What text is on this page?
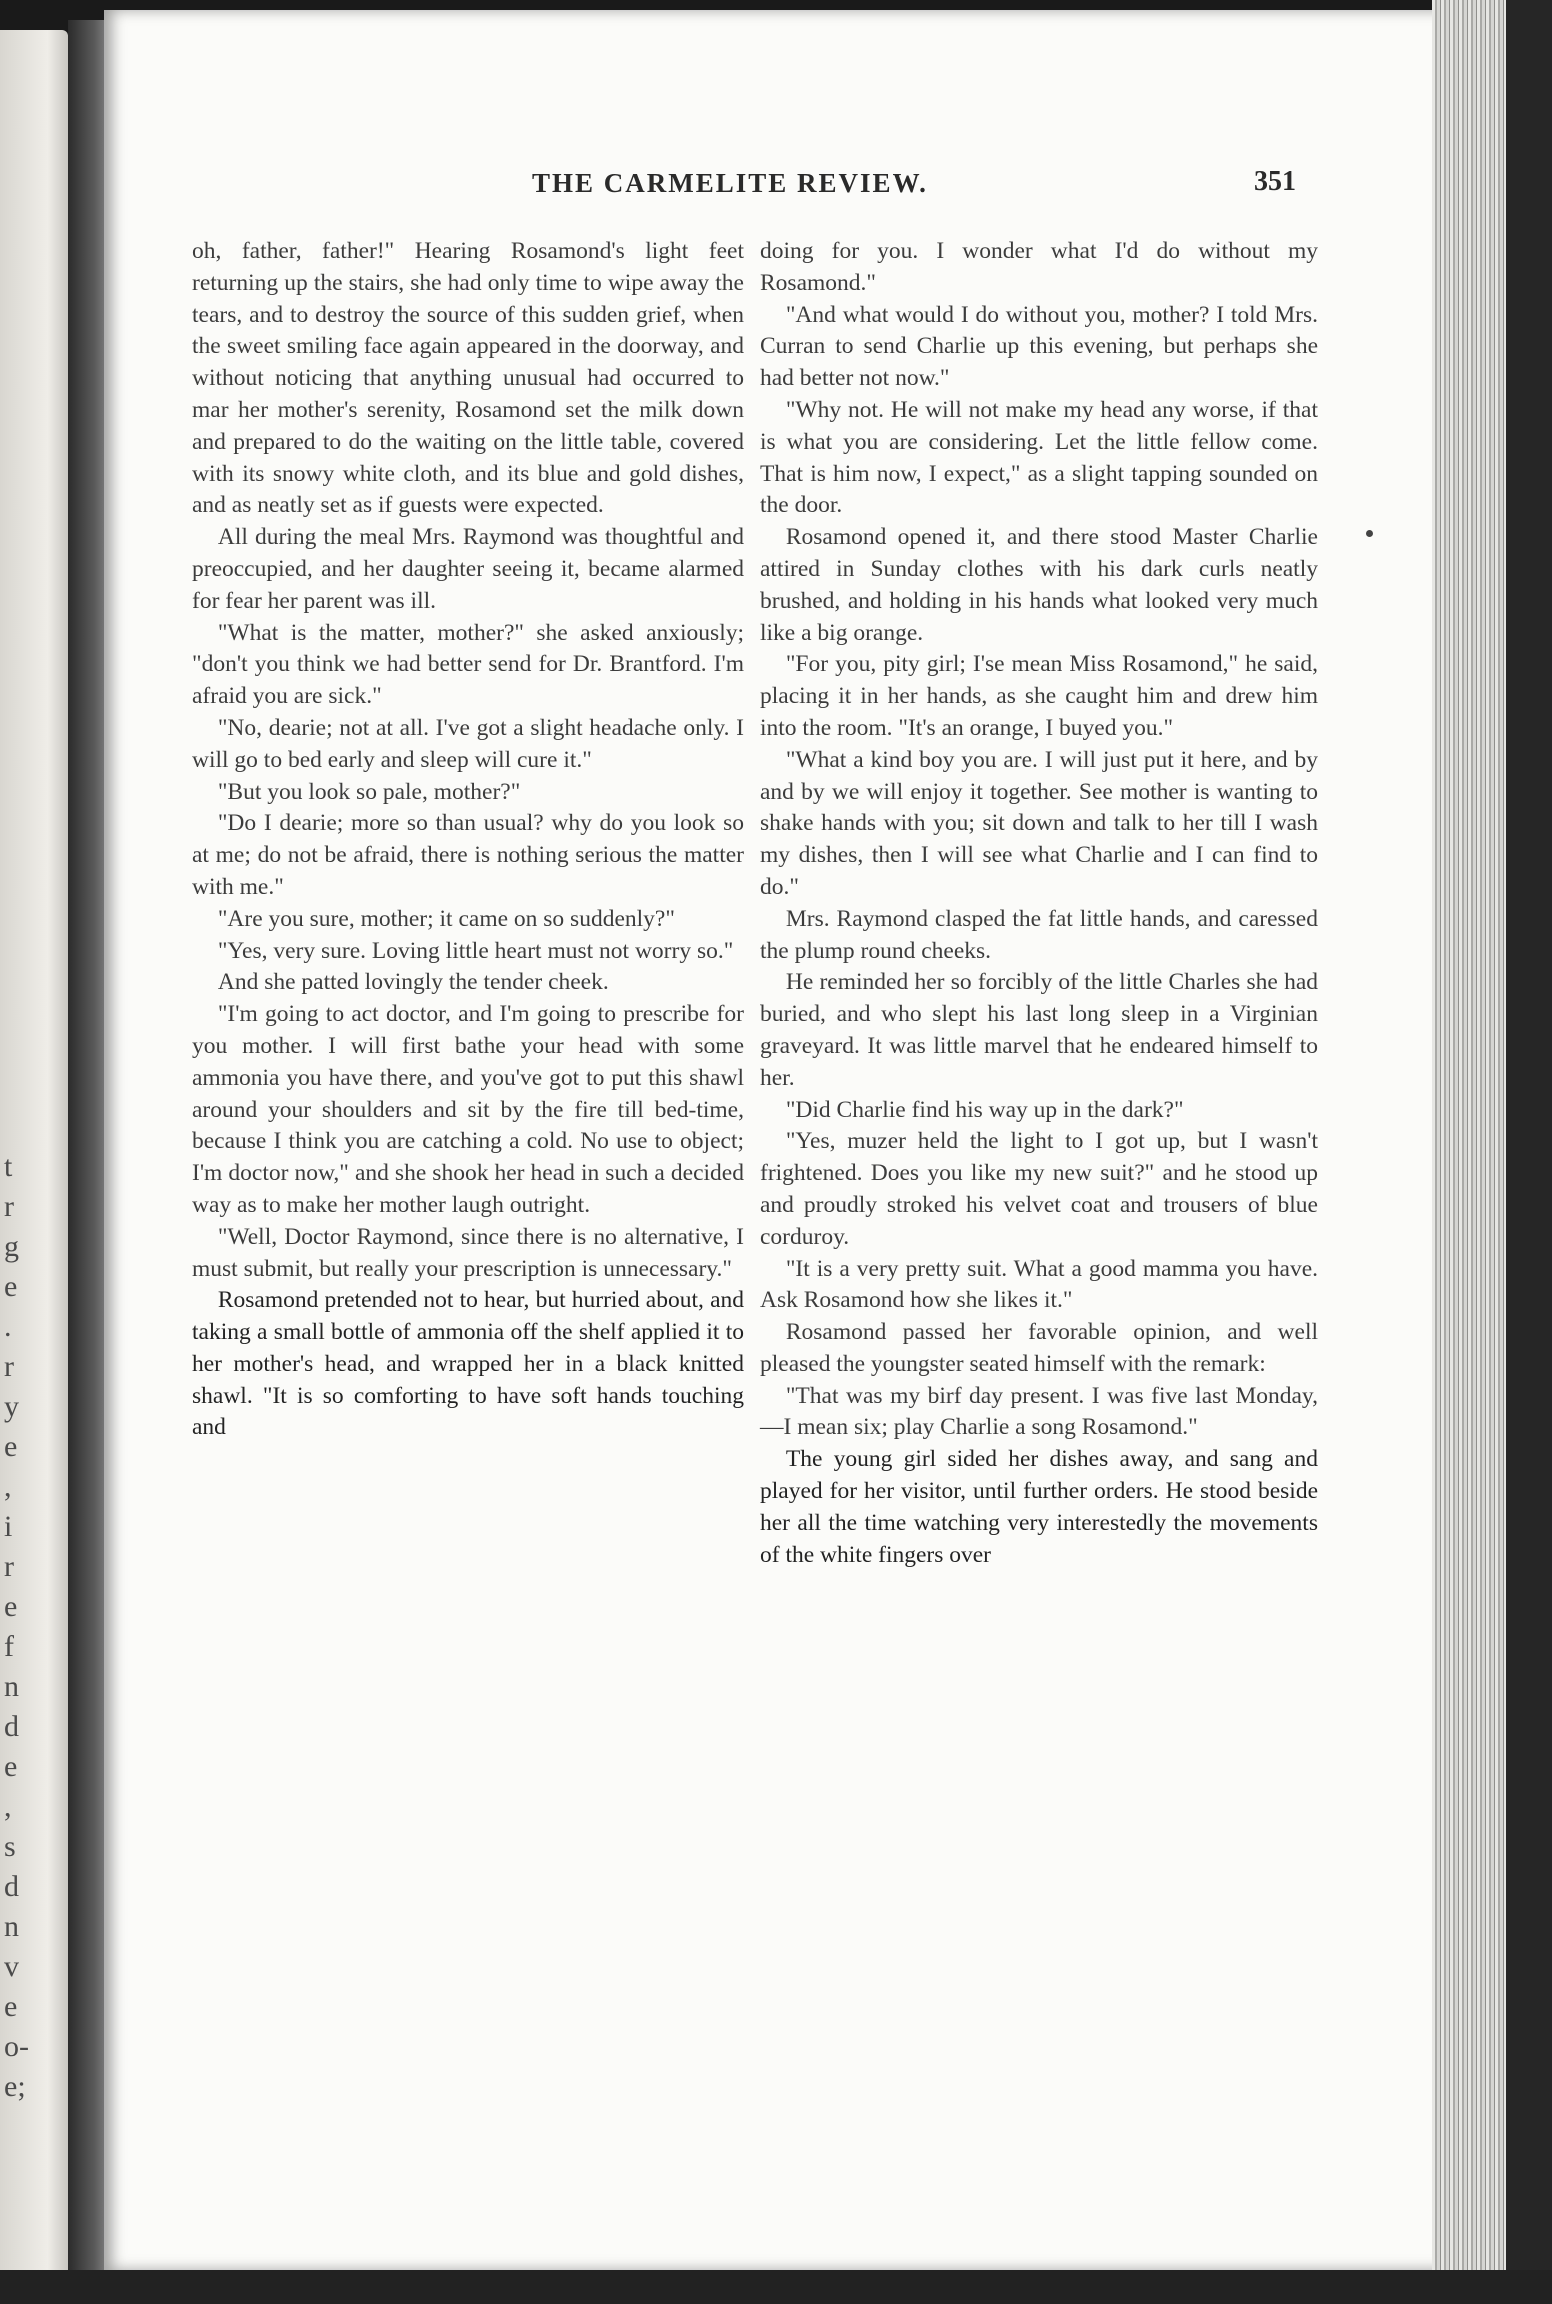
t
r
g
e
.
r
y
e
,
i
r
e
f
n
d
e
,
s
d
n
v
e
o-
e;
THE CARMELITE REVIEW.	351

oh, father, father!" Hearing Rosamond's light feet returning up the stairs, she had only time to wipe away the tears, and to destroy the source of this sudden grief, when the sweet smiling face again appeared in the doorway, and without noticing that anything unusual had occurred to mar her mother's serenity, Rosamond set the milk down and prepared to do the waiting on the little table, covered with its snowy white cloth, and its blue and gold dishes, and as neatly set as if guests were expected.

All during the meal Mrs. Raymond was thoughtful and preoccupied, and her daughter seeing it, became alarmed for fear her parent was ill.

"What is the matter, mother?" she asked anxiously; "don't you think we had better send for Dr. Brantford. I'm afraid you are sick."

"No, dearie; not at all. I've got a slight headache only. I will go to bed early and sleep will cure it."

"But you look so pale, mother?"

"Do I dearie; more so than usual? why do you look so at me; do not be afraid, there is nothing serious the matter with me."

"Are you sure, mother; it came on so suddenly?"

"Yes, very sure. Loving little heart must not worry so."

And she patted lovingly the tender cheek.

"I'm going to act doctor, and I'm going to prescribe for you mother. I will first bathe your head with some ammonia you have there, and you've got to put this shawl around your shoulders and sit by the fire till bed-time, because I think you are catching a cold. No use to object; I'm doctor now," and she shook her head in such a decided way as to make her mother laugh outright.

"Well, Doctor Raymond, since there is no alternative, I must submit, but really your prescription is unnecessary."

Rosamond pretended not to hear, but hurried about, and taking a small bottle of ammonia off the shelf applied it to her mother's head, and wrapped her in a black knitted shawl. "It is so comforting to have soft hands touching and

doing for you. I wonder what I'd do without my Rosamond."

"And what would I do without you, mother? I told Mrs. Curran to send Charlie up this evening, but perhaps she had better not now."

"Why not. He will not make my head any worse, if that is what you are considering. Let the little fellow come. That is him now, I expect," as a slight tapping sounded on the door.

Rosamond opened it, and there stood Master Charlie attired in Sunday clothes with his dark curls neatly brushed, and holding in his hands what looked very much like a big orange.

"For you, pity girl; I'se mean Miss Rosamond," he said, placing it in her hands, as she caught him and drew him into the room. "It's an orange, I buyed you."

"What a kind boy you are. I will just put it here, and by and by we will enjoy it together. See mother is wanting to shake hands with you; sit down and talk to her till I wash my dishes, then I will see what Charlie and I can find to do."

Mrs. Raymond clasped the fat little hands, and caressed the plump round cheeks.

He reminded her so forcibly of the little Charles she had buried, and who slept his last long sleep in a Virginian graveyard. It was little marvel that he endeared himself to her.

"Did Charlie find his way up in the dark?"

"Yes, muzer held the light to I got up, but I wasn't frightened. Does you like my new suit?" and he stood up and proudly stroked his velvet coat and trousers of blue corduroy.

"It is a very pretty suit. What a good mamma you have. Ask Rosamond how she likes it."

Rosamond passed her favorable opinion, and well pleased the youngster seated himself with the remark:

"That was my birf day present. I was five last Monday,—I mean six; play Charlie a song Rosamond."

The young girl sided her dishes away, and sang and played for her visitor, until further orders. He stood beside her all the time watching very interestedly the movements of the white fingers over
